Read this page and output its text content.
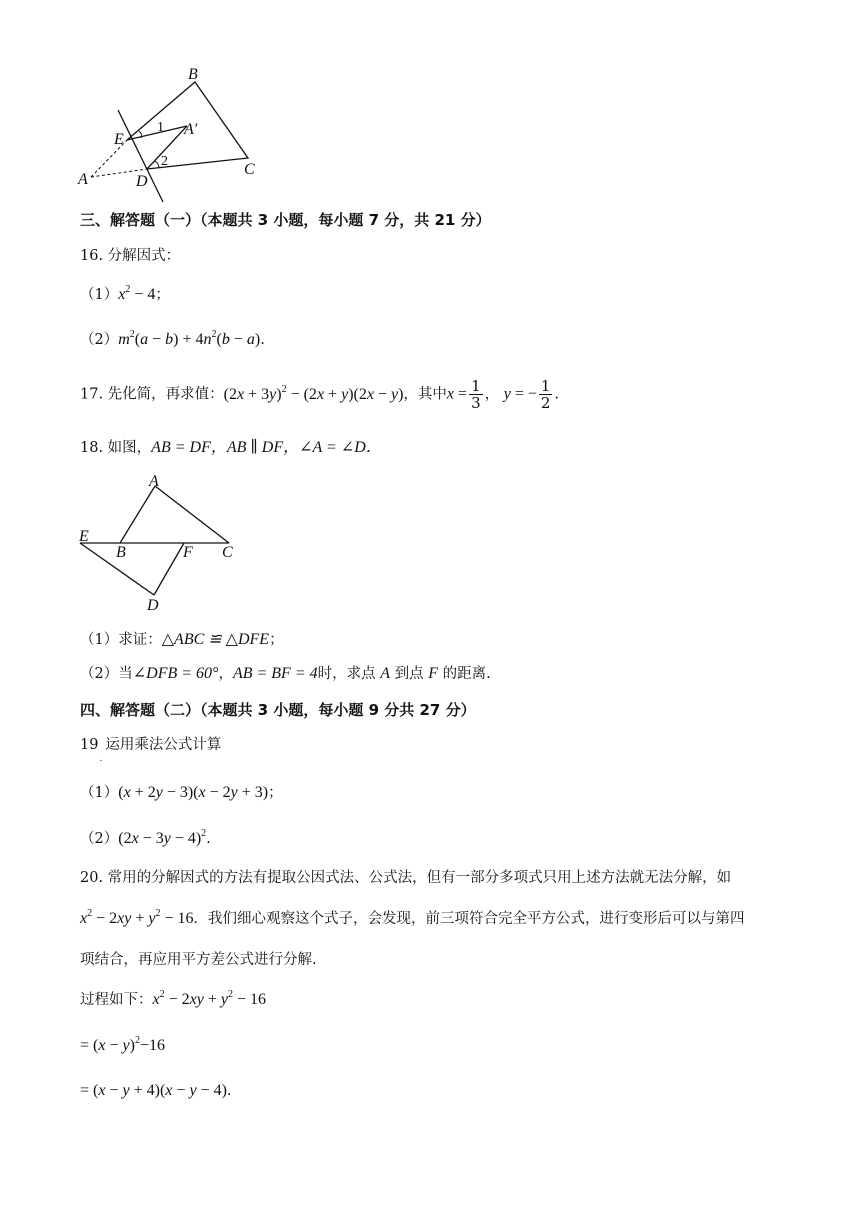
B
E
1 A′
2
A	D
C
三、解答题（一）（本题共 3 小题，每小题 7 分，共 21 分）
16. 分解因式：
$(1)x^2 - 4$；
$(2)m^2(a - b) + 4n^2(b - a)$.
17. 先化简，再求值：$(2x + 3y)^2 - (2x + y)(2x - y)$，其中$x = \frac{1}{3}$ ， y = − $\frac{1}{2}$ .
18. 如图，AB = DF，AB ∥ DF，∠A = ∠D．
A
E
B	F C
D
（1）求证：△ABC ≌ △DFE；
（2）当∠DFB = 60°，AB = BF = 4时，求点 A 到点 F 的距离.
四、解答题（二）（本题共 3 小题，每小题 9 分共 27 分）
$19_.$运用乘法公式计算
（1）(x + 2y − 3)(x − 2y + 3)；
$(2)(2x - 3y - 4)^2$.
20. 常用的分解因式的方法有提取公因式法、公式法，但有一部分多项式只用上述方法就无法分解，如
$x^2 - 2xy + y^2 - 16$．我们细心观察这个式子，会发现，前三项符合完全平方公式，进行变形后可以与第四
项结合，再应用平方差公式进行分解.
过程如下：$x^2 - 2xy + y^2 - 16$
= $(x - y)^2-16$
= (x − y + 4)(x − y − 4).
